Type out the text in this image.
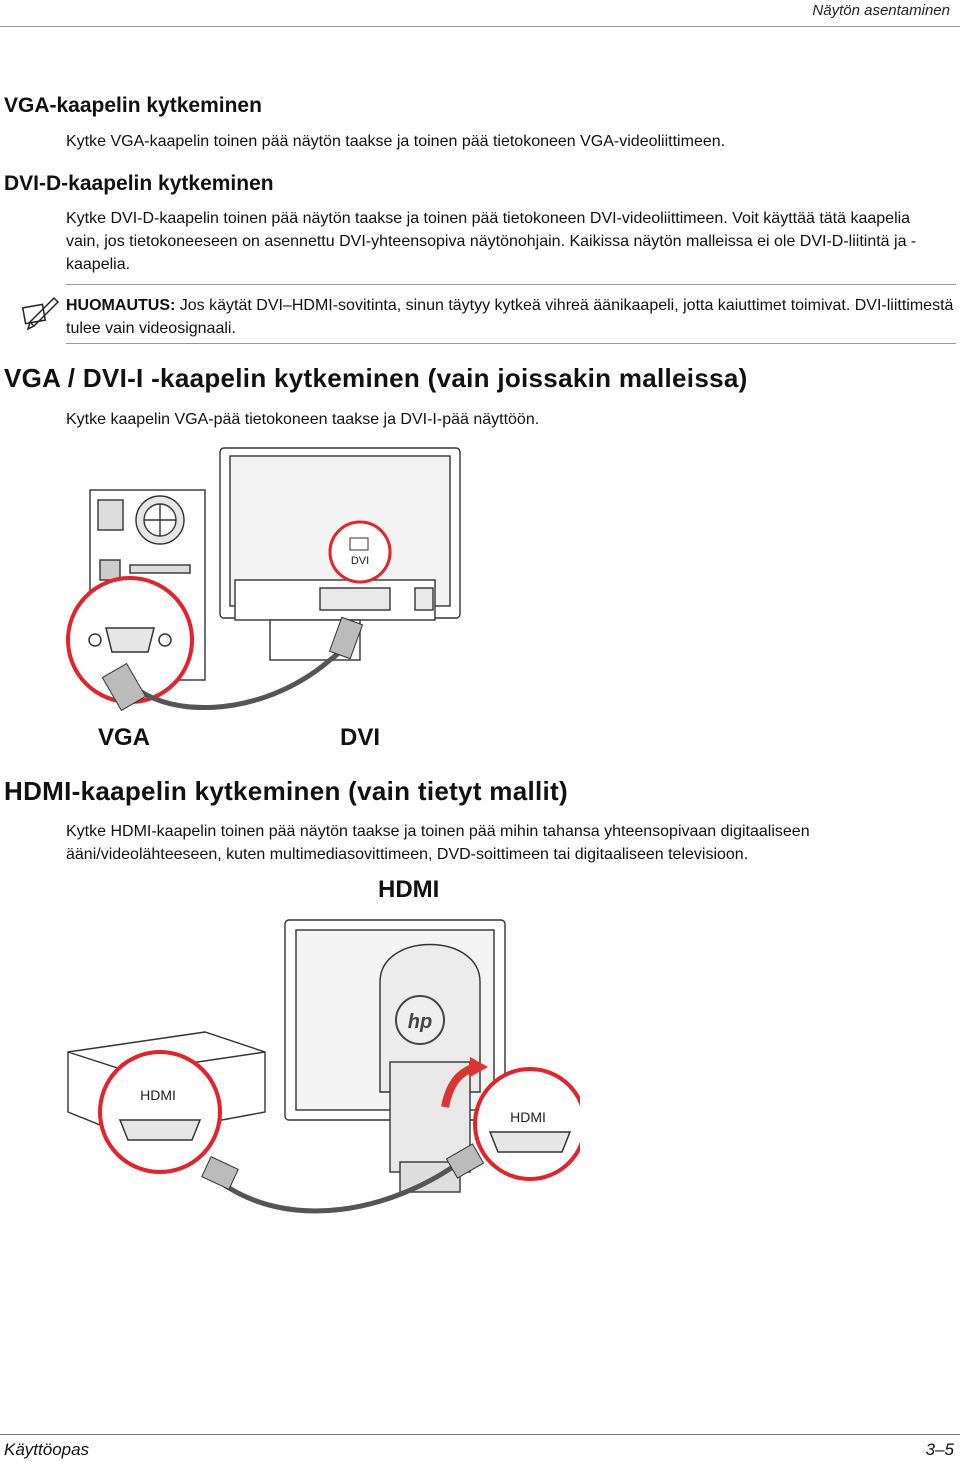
Näytön asentaminen
VGA-kaapelin kytkeminen

Kytke VGA-kaapelin toinen pää näytön taakse ja toinen pää tietokoneen VGA-videoliittimeen.

DVI-D-kaapelin kytkeminen

Kytke DVI-D-kaapelin toinen pää näytön taakse ja toinen pää tietokoneen DVI-videoliittimeen. Voit käyttää tätä kaapelia vain, jos tietokoneeseen on asennettu DVI-yhteensopiva näytönohjain. Kaikissa näytön malleissa ei ole DVI-D-liitintä ja -kaapelia.

HUOMAUTUS: Jos käytät DVI–HDMI-sovitinta, sinun täytyy kytkeä vihreä äänikaapeli, jotta kaiuttimet toimivat. DVI-liittimestä tulee vain videosignaali.

VGA / DVI-I -kaapelin kytkeminen (vain joissakin malleissa)

Kytke kaapelin VGA-pää tietokoneen taakse ja DVI-I-pää näyttöön.

DVI
VGA	DVI
HDMI-kaapelin kytkeminen (vain tietyt mallit)

Kytke HDMI-kaapelin toinen pää näytön taakse ja toinen pää mihin tahansa yhteensopivaan digitaaliseen ääni/videolähteeseen, kuten multimediasovittimeen, DVD-soittimeen tai digitaaliseen televisioon.

HDMI
hp
HDMI
HDMI
Käyttöopas	3–5
